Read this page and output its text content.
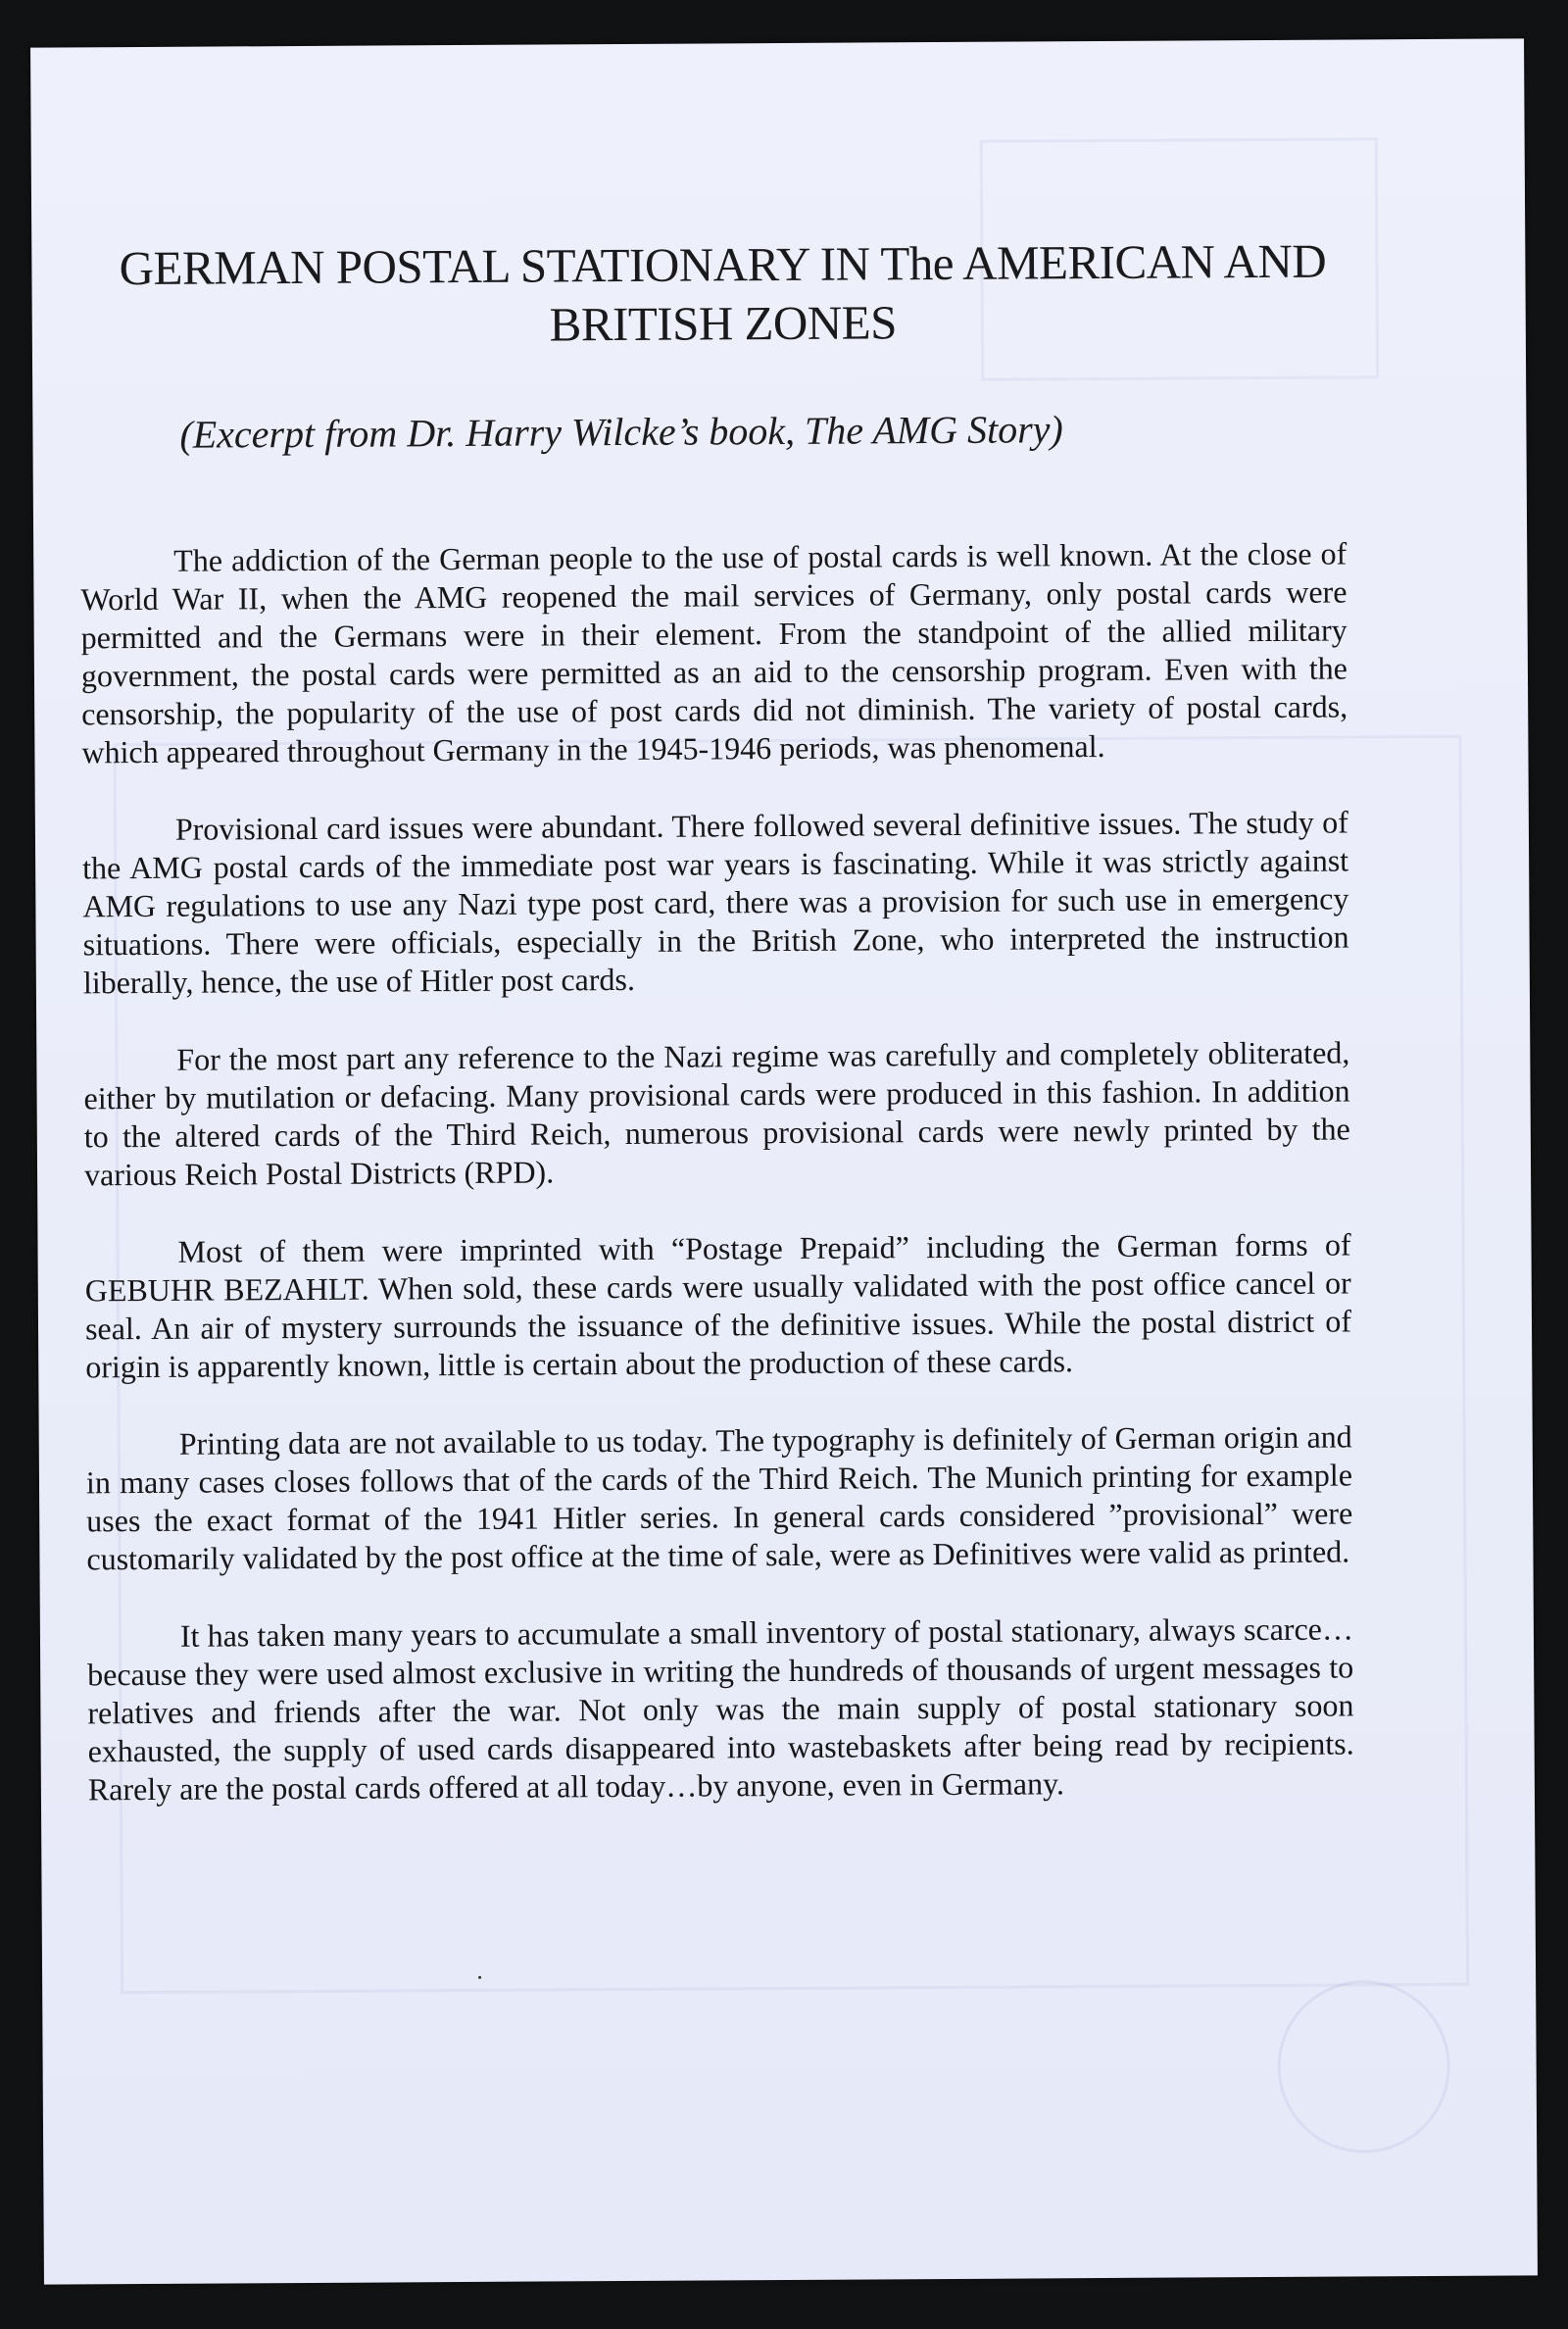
GERMAN POSTAL STATIONARY IN The AMERICAN AND BRITISH ZONES
(Excerpt from Dr. Harry Wilcke’s book, The AMG Story)

The addiction of the German people to the use of postal cards is well known. At the close of World War II, when the AMG reopened the mail services of Germany, only postal cards were permitted and the Germans were in their element. From the standpoint of the allied military government, the postal cards were permitted as an aid to the censorship program. Even with the censorship, the popularity of the use of post cards did not diminish. The variety of postal cards, which appeared throughout Germany in the 1945-1946 periods, was phenomenal.

Provisional card issues were abundant. There followed several definitive issues. The study of the AMG postal cards of the immediate post war years is fascinating. While it was strictly against AMG regulations to use any Nazi type post card, there was a provision for such use in emergency situations. There were officials, especially in the British Zone, who interpreted the instruction liberally, hence, the use of Hitler post cards.

For the most part any reference to the Nazi regime was carefully and completely obliterated, either by mutilation or defacing. Many provisional cards were produced in this fashion. In addition to the altered cards of the Third Reich, numerous provisional cards were newly printed by the various Reich Postal Districts (RPD).

Most of them were imprinted with “Postage Prepaid” including the German forms of GEBUHR BEZAHLT. When sold, these cards were usually validated with the post office cancel or seal. An air of mystery surrounds the issuance of the definitive issues. While the postal district of origin is apparently known, little is certain about the production of these cards.

Printing data are not available to us today. The typography is definitely of German origin and in many cases closes follows that of the cards of the Third Reich. The Munich printing for example uses the exact format of the 1941 Hitler series. In general cards considered ”provisional” were customarily validated by the post office at the time of sale, were as Definitives were valid as printed.

It has taken many years to accumulate a small inventory of postal stationary, always scarce… because they were used almost exclusive in writing the hundreds of thousands of urgent messages to relatives and friends after the war. Not only was the main supply of postal stationary soon exhausted, the supply of used cards disappeared into wastebaskets after being read by recipients. Rarely are the postal cards offered at all today…by anyone, even in Germany.
